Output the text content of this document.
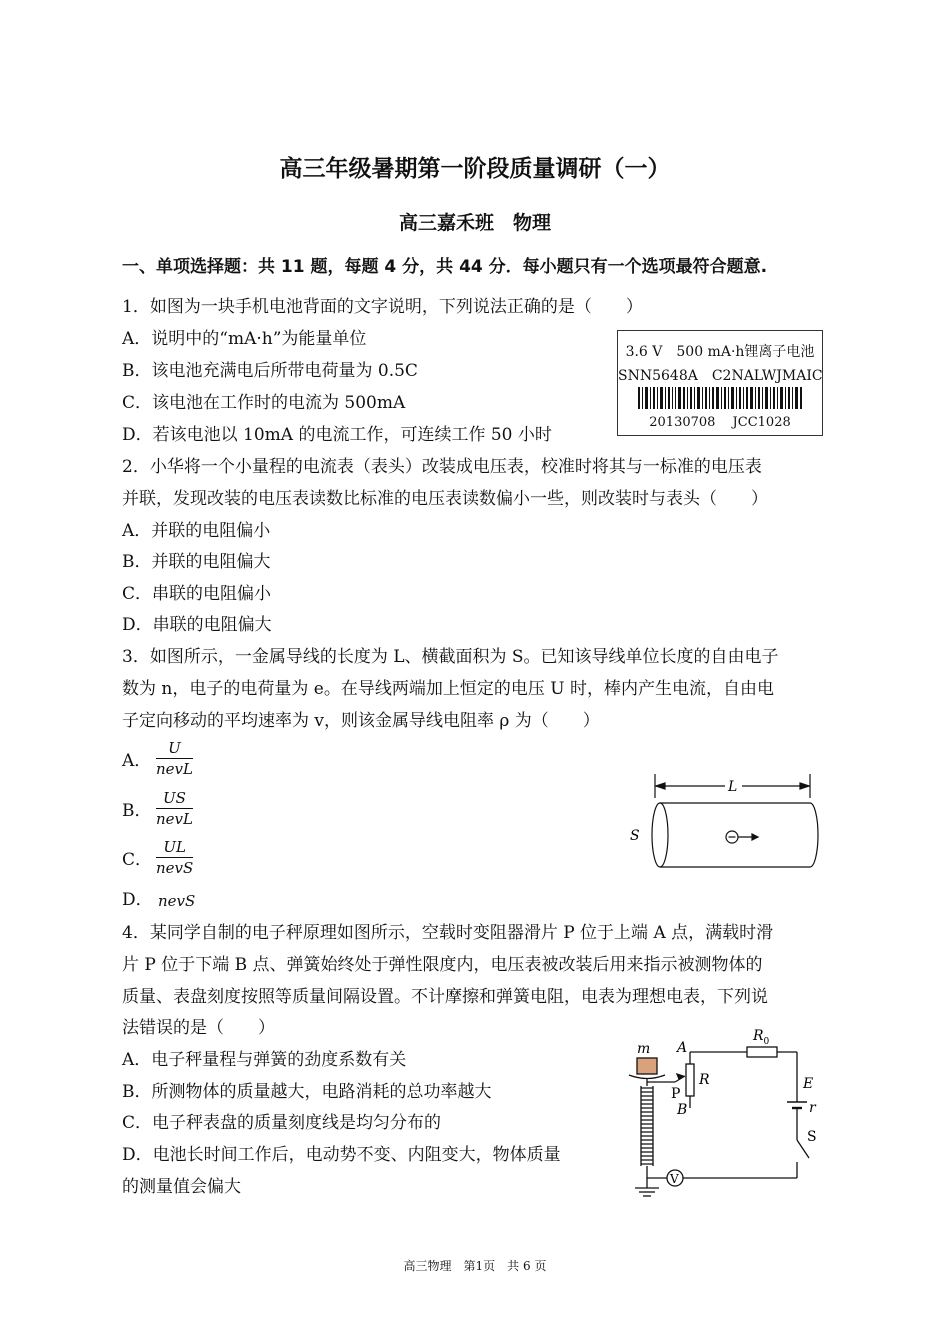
高三年级暑期第一阶段质量调研（一）
高三嘉禾班　物理
一、单项选择题：共 11 题，每题 4 分，共 44 分．每小题只有一个选项最符合题意.
1．如图为一块手机电池背面的文字说明，下列说法正确的是（　　）
A．说明中的“mA·h”为能量单位
B．该电池充满电后所带电荷量为 0.5C
C．该电池在工作时的电流为 500mA
D．若该电池以 10mA 的电流工作，可连续工作 50 小时
3.6 V　500 mA·h锂离子电池
SNN5648A　C2NALWJMAIC
20130708　 JCC1028
2．小华将一个小量程的电流表（表头）改装成电压表，校准时将其与一标准的电压表
并联，发现改装的电压表读数比标准的电压表读数偏小一些，则改装时与表头（　　）
A．并联的电阻偏小
B．并联的电阻偏大
C．串联的电阻偏小
D．串联的电阻偏大
3．如图所示，一金属导线的长度为 L、横截面积为 S。已知该导线单位长度的自由电子
数为 n，电子的电荷量为 e。在导线两端加上恒定的电压 U 时，棒内产生电流，自由电
子定向移动的平均速率为 v，则该金属导线电阻率 ρ 为（　　）
A．
U
nevL
B．
US
nevL
C．
UL
nevS
D． nevS
L
S
4．某同学自制的电子秤原理如图所示，空载时变阻器滑片 P 位于上端 A 点，满载时滑
片 P 位于下端 B 点、弹簧始终处于弹性限度内，电压表被改装后用来指示被测物体的
质量、表盘刻度按照等质量间隔设置。不计摩擦和弹簧电阻，电表为理想电表，下列说
法错误的是（　　）
A．电子秤量程与弹簧的劲度系数有关
B．所测物体的质量越大，电路消耗的总功率越大
C．电子秤表盘的质量刻度线是均匀分布的
D．电池长时间工作后，电动势不变、内阻变大，物体质量
的测量值会偏大
m A
R
P
B
$R_0$
E
r
S
V
高三物理　第1页　共 6 页
